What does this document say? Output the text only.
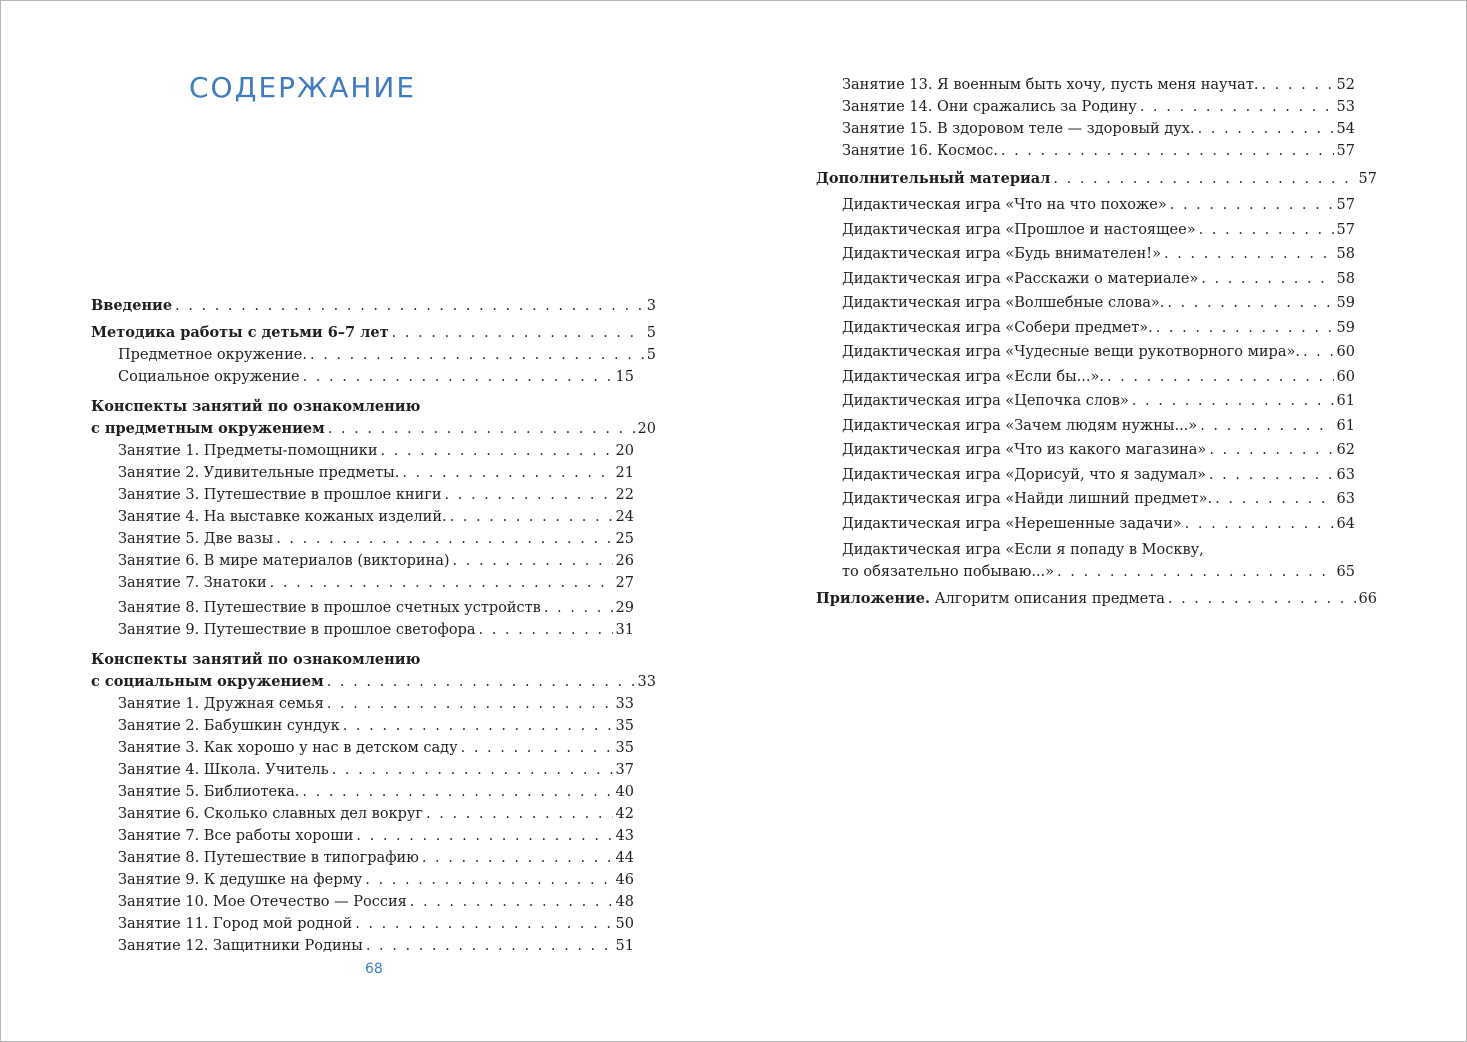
СОДЕРЖАНИЕ
Введение . . .	3
Методика работы с детьми 6–7 лет . . .	5
Предметное окружение. . . .	5
Социальное окружение . . .	15
Конспекты занятий по ознакомлению
с предметным окружением . . .	20
Занятие 1. Предметы-помощники . . .	20
Занятие 2. Удивительные предметы. . . .	21
Занятие 3. Путешествие в прошлое книги . . .	22
Занятие 4. На выставке кожаных изделий. . . .	24
Занятие 5. Две вазы . . .	25
Занятие 6. В мире материалов (викторина) . . .	26
Занятие 7. Знатоки . . .	27
Занятие 8. Путешествие в прошлое счетных устройств . . .	29
Занятие 9. Путешествие в прошлое светофора . . .	31
Конспекты занятий по ознакомлению
с социальным окружением . . .	33
Занятие 1. Дружная семья . . .	33
Занятие 2. Бабушкин сундук . . .	35
Занятие 3. Как хорошо у нас в детском саду . . .	35
Занятие 4. Школа. Учитель . . .	37
Занятие 5. Библиотека. . . .	40
Занятие 6. Сколько славных дел вокруг . . .	42
Занятие 7. Все работы хороши . . .	43
Занятие 8. Путешествие в типографию . . .	44
Занятие 9. К дедушке на ферму . . .	46
Занятие 10. Мое Отечество — Россия . . .	48
Занятие 11. Город мой родной . . .	50
Занятие 12. Защитники Родины . . .	51
68
Занятие 13. Я военным быть хочу, пусть меня научат. . . .	52
Занятие 14. Они сражались за Родину . . .	53
Занятие 15. В здоровом теле — здоровый дух. . . .	54
Занятие 16. Космос. . . .	57
Дополнительный материал . . .	57
Дидактическая игра «Что на что похоже» . . .	57
Дидактическая игра «Прошлое и настоящее» . . .	57
Дидактическая игра «Будь внимателен!» . . .	58
Дидактическая игра «Расскажи о материале» . . .	58
Дидактическая игра «Волшебные слова». . . .	59
Дидактическая игра «Собери предмет». . . .	59
Дидактическая игра «Чудесные вещи рукотворного мира». . . .	60
Дидактическая игра «Если бы...». . . .	60
Дидактическая игра «Цепочка слов» . . .	61
Дидактическая игра «Зачем людям нужны...» . . .	61
Дидактическая игра «Что из какого магазина» . . .	62
Дидактическая игра «Дорисуй, что я задумал» . . .	63
Дидактическая игра «Найди лишний предмет». . . .	63
Дидактическая игра «Нерешенные задачи» . . .	64
Дидактическая игра «Если я попаду в Москву,
то обязательно побываю...» . . .	65
Приложение. Алгоритм описания предмета . . .	66
